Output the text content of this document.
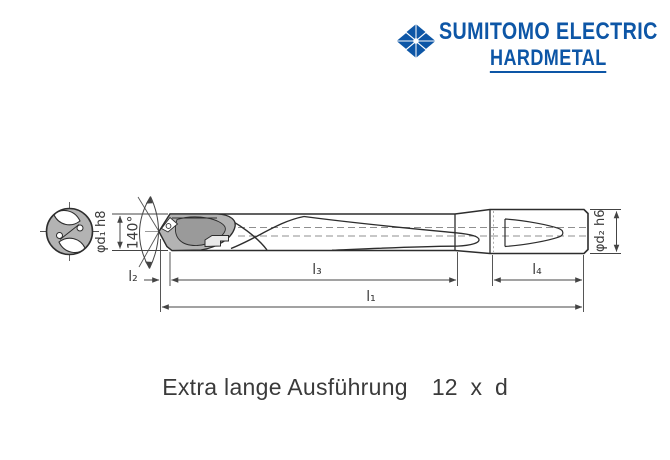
SUMITOMO ELECTRIC
HARDMETAL
φd₁ h8 140°	φd₂ h6
l₂	l₃	l₄
l₁
Extra lange Ausführung 12 x d
